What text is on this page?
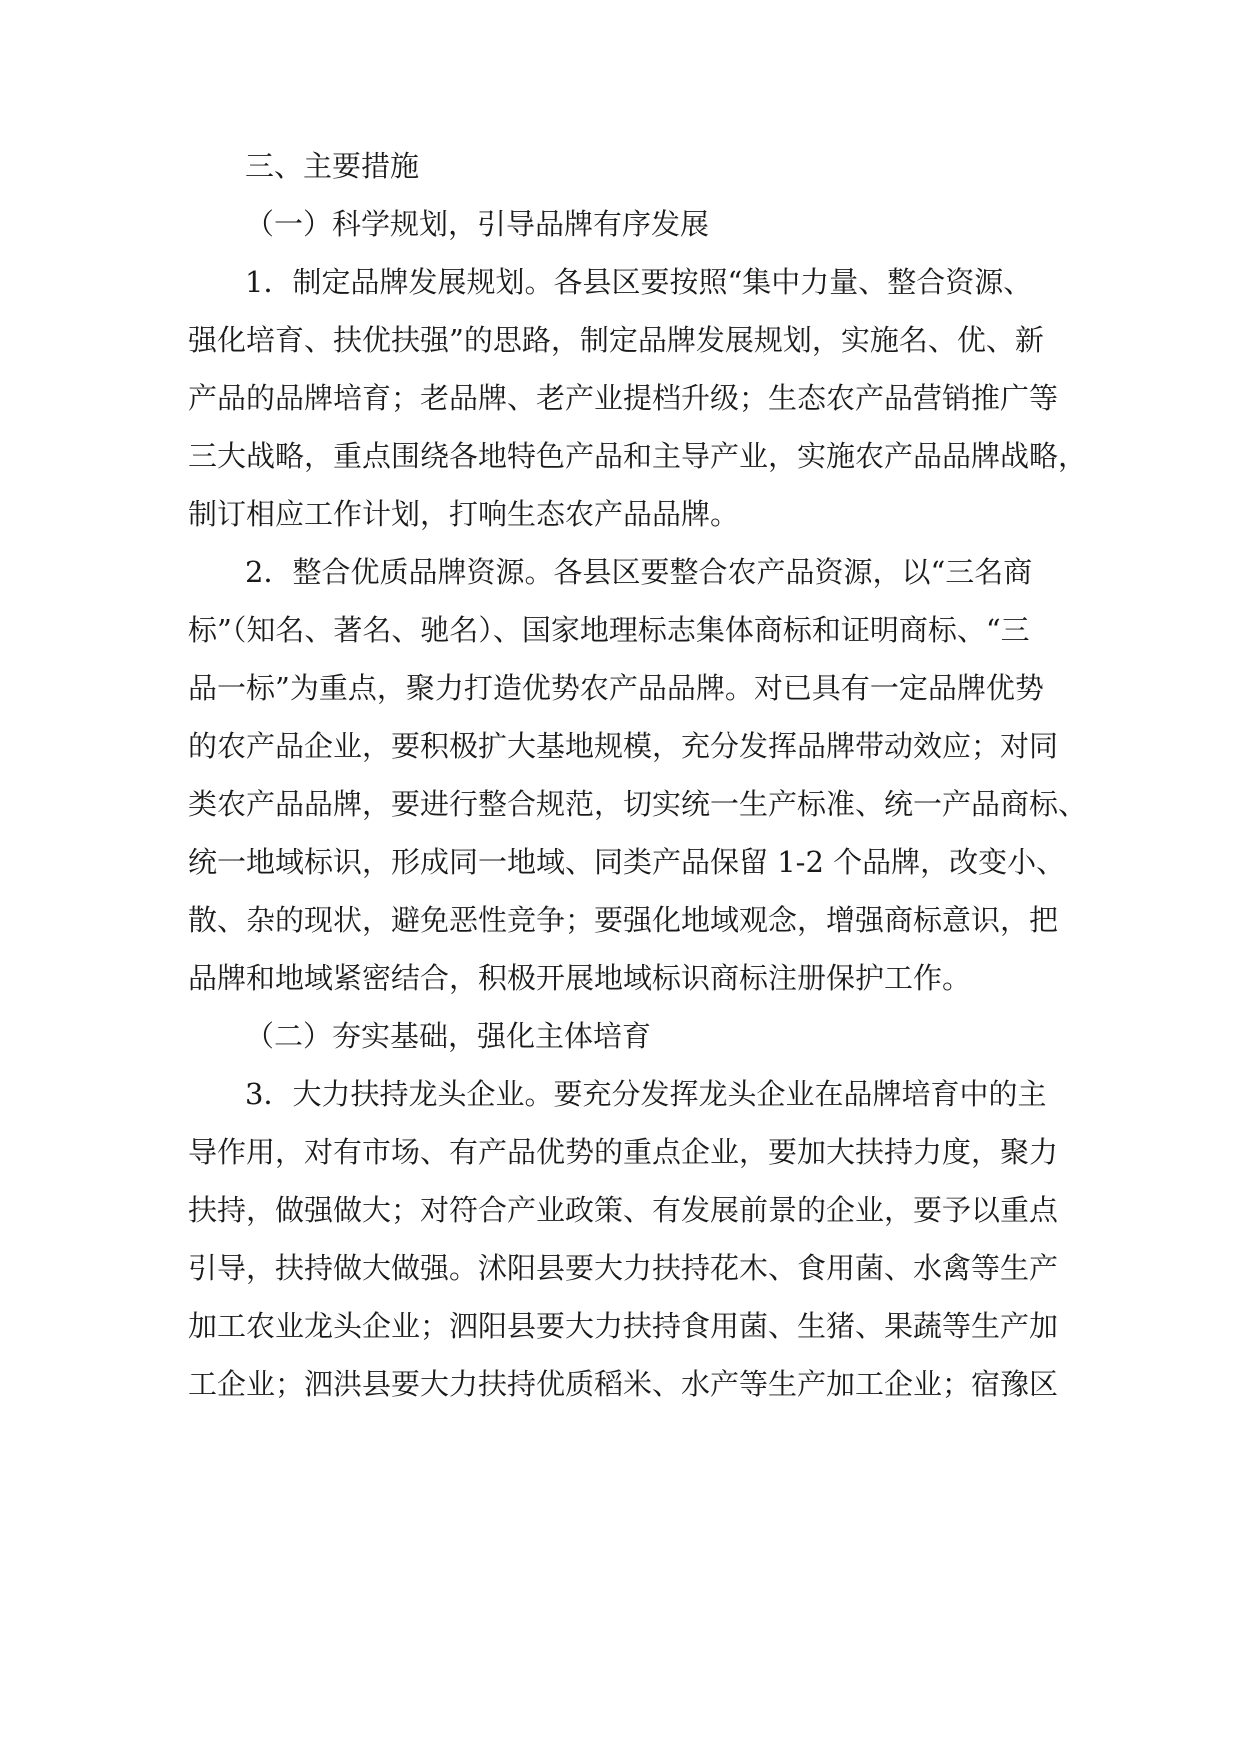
三、主要措施

（一）科学规划，引导品牌有序发展

1．制定品牌发展规划。各县区要按照“集中力量、整合资源、

强化培育、扶优扶强”的思路，制定品牌发展规划，实施名、优、新

产品的品牌培育；老品牌、老产业提档升级；生态农产品营销推广等

三大战略，重点围绕各地特色产品和主导产业，实施农产品品牌战略，

制订相应工作计划，打响生态农产品品牌。

2．整合优质品牌资源。各县区要整合农产品资源，以“三名商

标”（知名、著名、驰名）、国家地理标志集体商标和证明商标、“三

品一标”为重点，聚力打造优势农产品品牌。对已具有一定品牌优势

的农产品企业，要积极扩大基地规模，充分发挥品牌带动效应；对同

类农产品品牌，要进行整合规范，切实统一生产标准、统一产品商标、

统一地域标识，形成同一地域、同类产品保留 1-2 个品牌，改变小、

散、杂的现状，避免恶性竞争；要强化地域观念，增强商标意识，把

品牌和地域紧密结合，积极开展地域标识商标注册保护工作。

（二）夯实基础，强化主体培育

3．大力扶持龙头企业。要充分发挥龙头企业在品牌培育中的主

导作用，对有市场、有产品优势的重点企业，要加大扶持力度，聚力

扶持，做强做大；对符合产业政策、有发展前景的企业，要予以重点

引导，扶持做大做强。沭阳县要大力扶持花木、食用菌、水禽等生产

加工农业龙头企业；泗阳县要大力扶持食用菌、生猪、果蔬等生产加

工企业；泗洪县要大力扶持优质稻米、水产等生产加工企业；宿豫区
